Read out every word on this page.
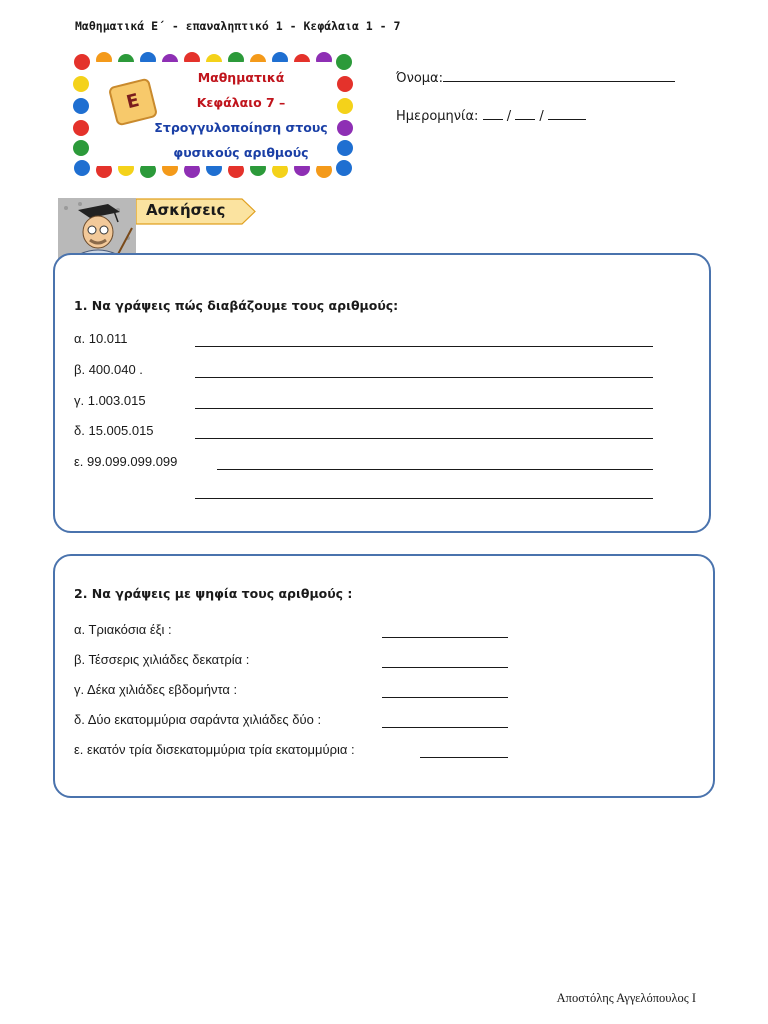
Μαθηματικά Ε΄ - επαναληπτικό 1 - Κεφάλαια 1 - 7
Ε
Μαθηματικά
Κεφάλαιο 7 –
Στρογγυλοποίηση στους
φυσικούς αριθμούς
Όνομα:
Ημερομηνία: / /
Ασκήσεις
1. Να γράψεις πώς διαβάζουμε τους αριθμούς:
α. 10.011
β. 400.040 .
γ. 1.003.015
δ. 15.005.015
ε. 99.099.099.099
2. Να γράψεις με ψηφία τους αριθμούς :
α. Τριακόσια έξι :
β. Τέσσερις χιλιάδες δεκατρία :
γ. Δέκα χιλιάδες εβδομήντα :
δ. Δύο εκατομμύρια σαράντα χιλιάδες δύο :
ε. εκατόν τρία δισεκατομμύρια τρία εκατομμύρια :
Αποστόλης Αγγελόπουλος Ι
